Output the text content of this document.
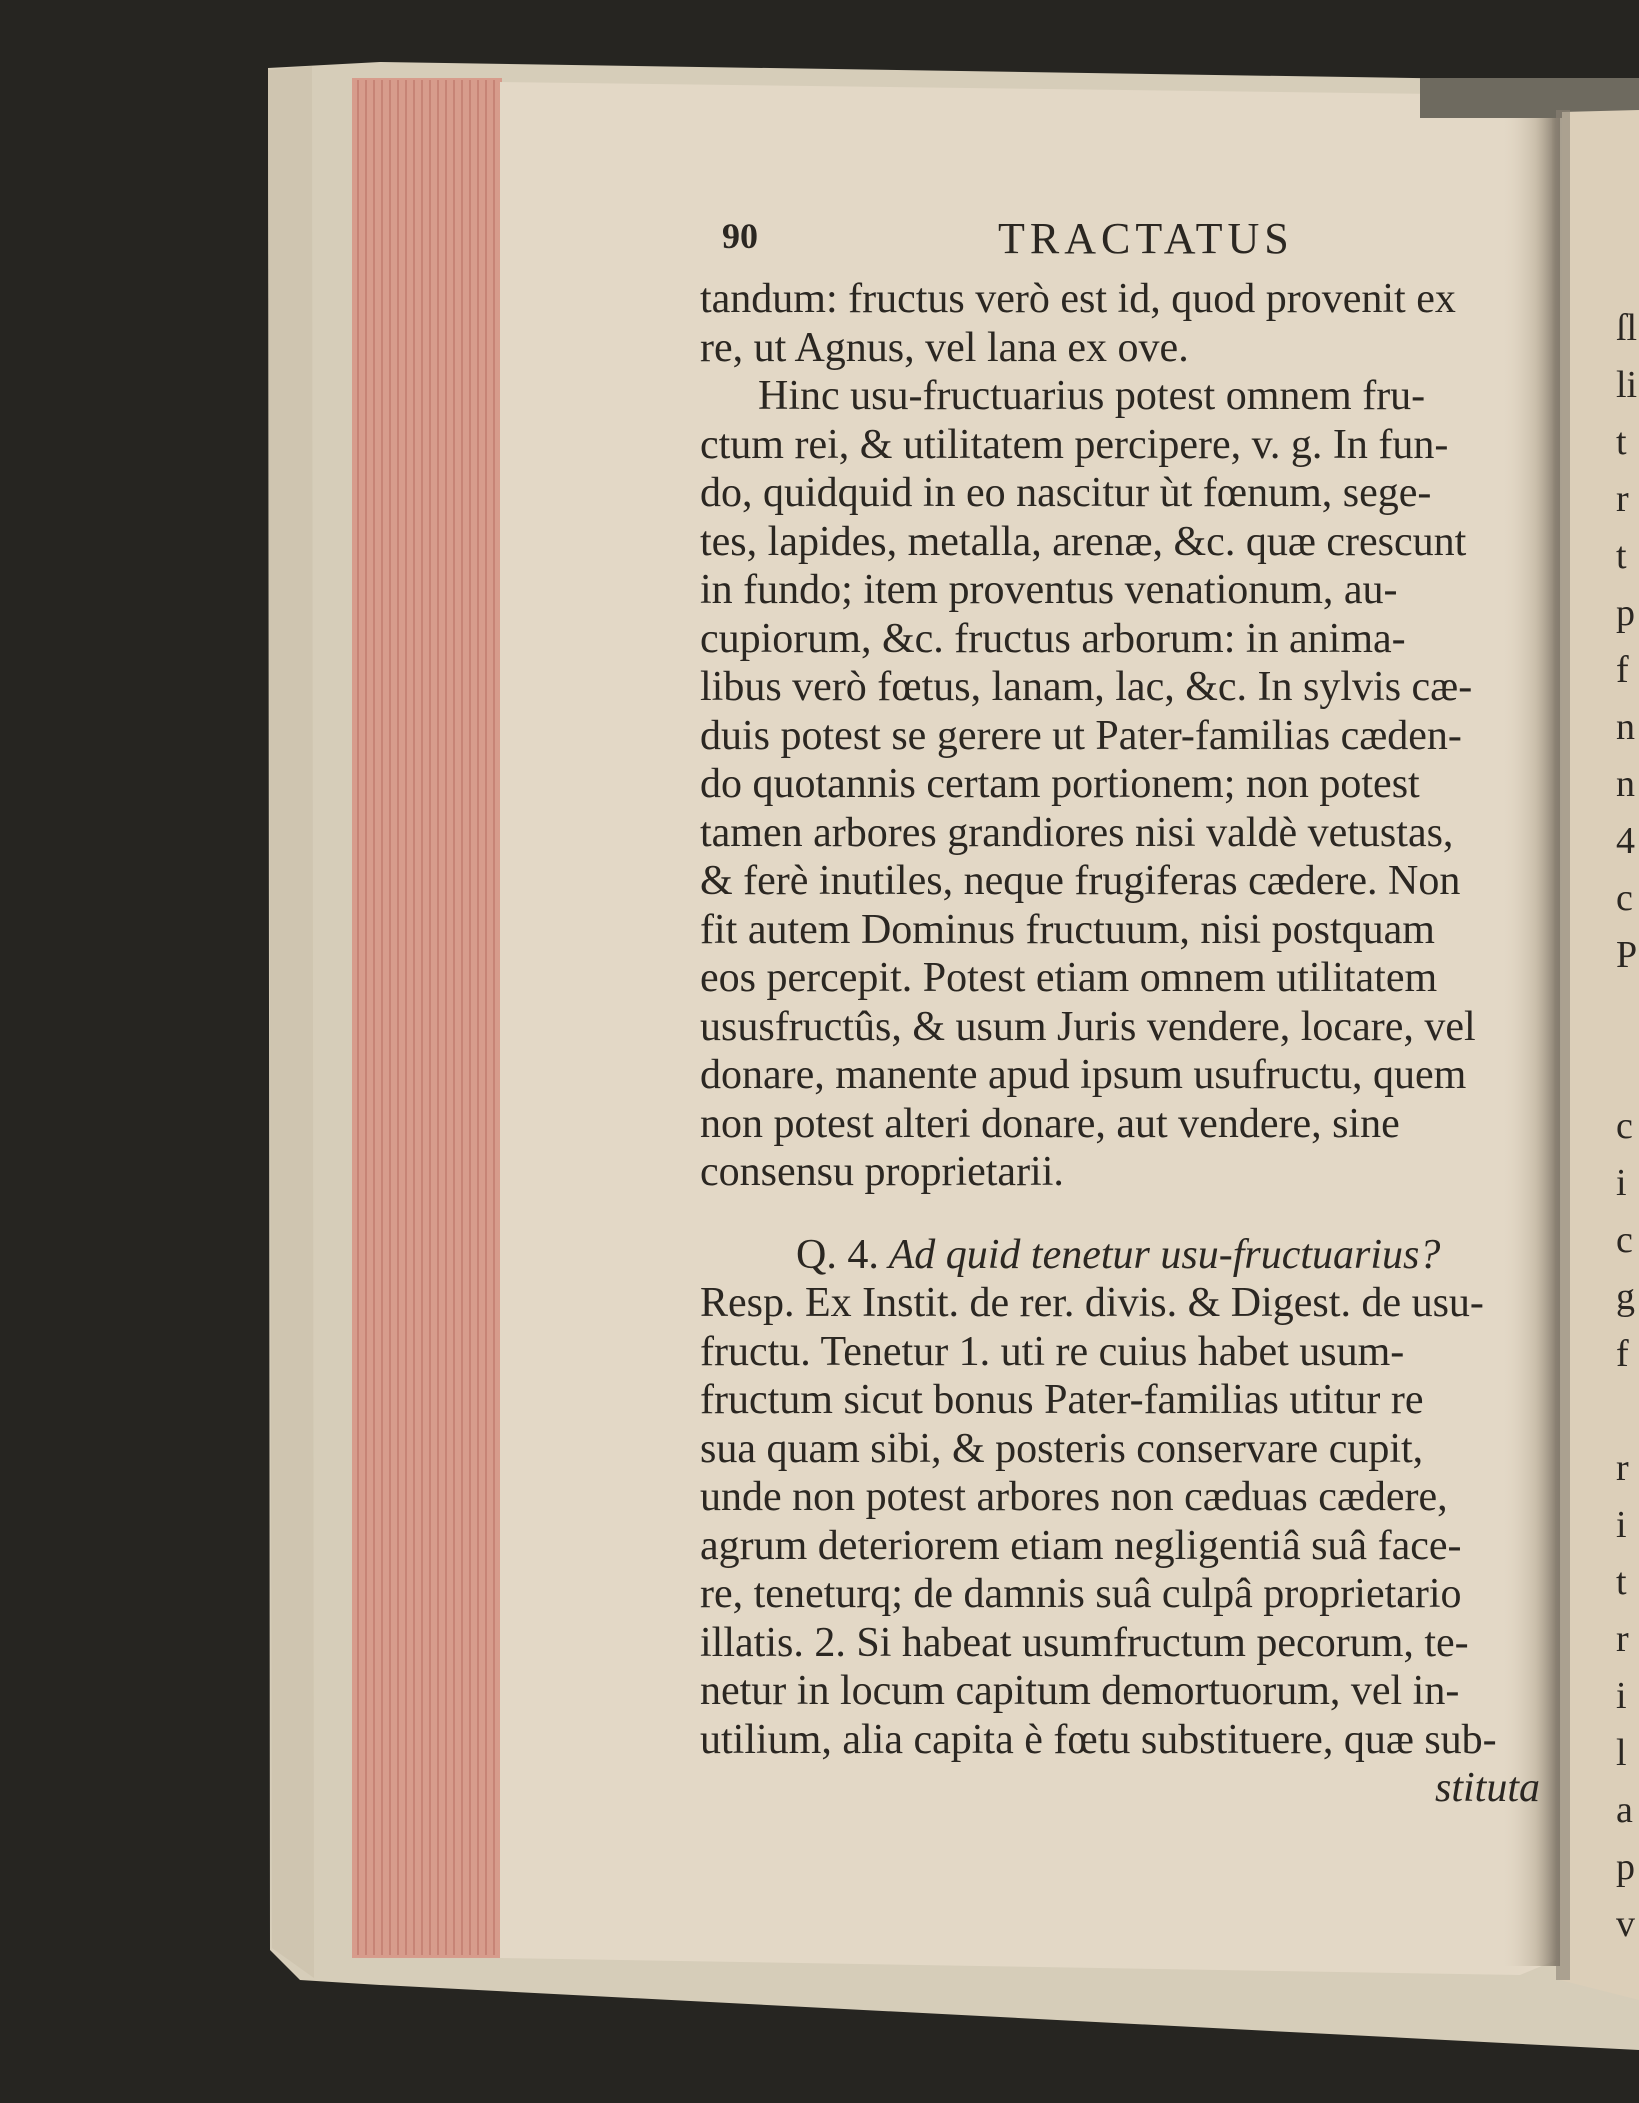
90	TRACTATUS
tandum: fructus verò est id, quod provenit ex
re, ut Agnus, vel lana ex ove.
Hinc usu-fructuarius potest omnem fru-
ctum rei, & utilitatem percipere, v. g. In fun-
do, quidquid in eo nascitur ùt fœnum, sege-
tes, lapides, metalla, arenæ, &c. quæ crescunt
in fundo; item proventus venationum, au-
cupiorum, &c. fructus arborum: in anima-
libus verò fœtus, lanam, lac, &c. In sylvis cæ-
duis potest se gerere ut Pater-familias cæden-
do quotannis certam portionem; non potest
tamen arbores grandiores nisi valdè vetustas,
& ferè inutiles, neque frugiferas cædere. Non
fit autem Dominus fructuum, nisi postquam
eos percepit. Potest etiam omnem utilitatem
ususfructûs, & usum Juris vendere, locare, vel
donare, manente apud ipsum usufructu, quem
non potest alteri donare, aut vendere, sine
consensu proprietarii.
Q. 4. Ad quid tenetur usu-fructuarius?
Resp. Ex Instit. de rer. divis. & Digest. de usu-
fructu. Tenetur 1. uti re cuius habet usum-
fructum sicut bonus Pater-familias utitur re
sua quam sibi, & posteris conservare cupit,
unde non potest arbores non cæduas cædere,
agrum deteriorem etiam negligentiâ suâ face-
re, teneturq; de damnis suâ culpâ proprietario
illatis. 2. Si habeat usumfructum pecorum, te-
netur in locum capitum demortuorum, vel in-
utilium, alia capita è fœtu substituere, quæ sub-
stituta
ſl
li
t
r
t
p
f
n
n
4
c
P
c
i
c
g
f
r
i
t
r
i
l
a
p
v
